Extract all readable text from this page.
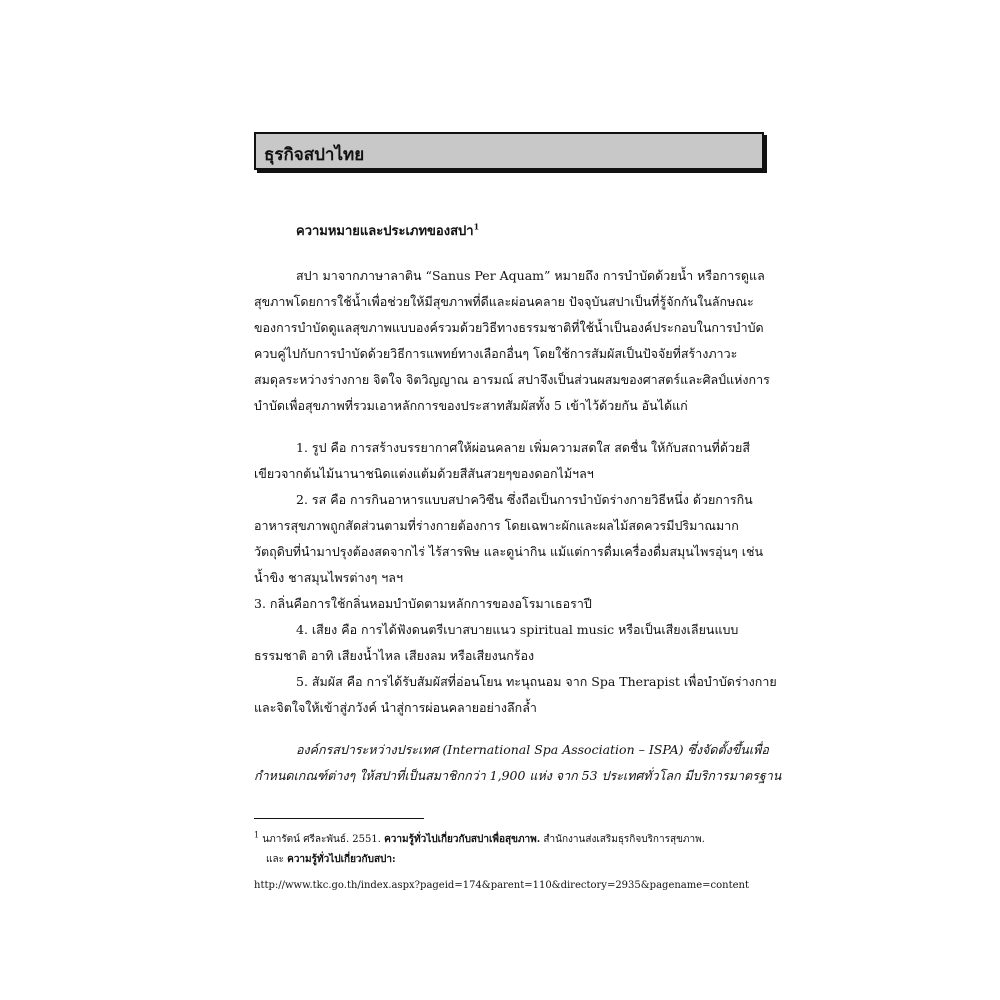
ธุรกิจสปาไทย
ความหมายและประเภทของสปา$^1$
สปา มาจากภาษาลาติน “Sanus Per Aquam” หมายถึง การบำบัดด้วยน้ำ หรือการดูแล
สุขภาพโดยการใช้น้ำเพื่อช่วยให้มีสุขภาพที่ดีและผ่อนคลาย ปัจจุบันสปาเป็นที่รู้จักกันในลักษณะ
ของการบำบัดดูแลสุขภาพแบบองค์รวมด้วยวิธีทางธรรมชาติที่ใช้น้ำเป็นองค์ประกอบในการบำบัด
ควบคู่ไปกับการบำบัดด้วยวิธีการแพทย์ทางเลือกอื่นๆ โดยใช้การสัมผัสเป็นปัจจัยที่สร้างภาวะ
สมดุลระหว่างร่างกาย จิตใจ จิตวิญญาณ อารมณ์ สปาจึงเป็นส่วนผสมของศาสตร์และศิลป์แห่งการ
บำบัดเพื่อสุขภาพที่รวมเอาหลักการของประสาทสัมผัสทั้ง 5 เข้าไว้ด้วยกัน อันได้แก่
1. รูป คือ การสร้างบรรยากาศให้ผ่อนคลาย เพิ่มความสดใส สดชื่น ให้กับสถานที่ด้วยสี
เขียวจากต้นไม้นานาชนิดแต่งแต้มด้วยสีสันสวยๆของดอกไม้ฯลฯ
2. รส คือ การกินอาหารแบบสปาควิซีน ซึ่งถือเป็นการบำบัดร่างกายวิธีหนึ่ง ด้วยการกิน
อาหารสุขภาพถูกสัดส่วนตามที่ร่างกายต้องการ โดยเฉพาะผักและผลไม้สดควรมีปริมาณมาก
วัตถุดิบที่นำมาปรุงต้องสดจากไร่ ไร้สารพิษ และดูน่ากิน แม้แต่การดื่มเครื่องดื่มสมุนไพรอุ่นๆ เช่น
น้ำขิง ชาสมุนไพรต่างๆ ฯลฯ
3. กลิ่นคือการใช้กลิ่นหอมบำบัดตามหลักการของอโรมาเธอราปี
4. เสียง คือ การได้ฟังดนตรีเบาสบายแนว spiritual music หรือเป็นเสียงเลียนแบบ
ธรรมชาติ อาทิ เสียงน้ำไหล เสียงลม หรือเสียงนกร้อง
5. สัมผัส คือ การได้รับสัมผัสที่อ่อนโยน ทะนุถนอม จาก Spa Therapist เพื่อบำบัดร่างกาย
และจิตใจให้เข้าสู่ภวังค์ นำสู่การผ่อนคลายอย่างลึกล้ำ
องค์กรสปาระหว่างประเทศ (International Spa Association – ISPA) ซึ่งจัดตั้งขึ้นเพื่อ
กำหนดเกณฑ์ต่างๆ ให้สปาที่เป็นสมาชิกกว่า 1,900 แห่ง จาก 53 ประเทศทั่วโลก มีบริการมาตรฐาน
$^1$ นภารัตน์ ศรีละพันธ์. 2551. ความรู้ทั่วไปเกี่ยวกับสปาเพื่อสุขภาพ. สำนักงานส่งเสริมธุรกิจบริการสุขภาพ.
และ ความรู้ทั่วไปเกี่ยวกับสปา:
http://www.tkc.go.th/index.aspx?pageid=174&parent=110&directory=2935&pagename=content
